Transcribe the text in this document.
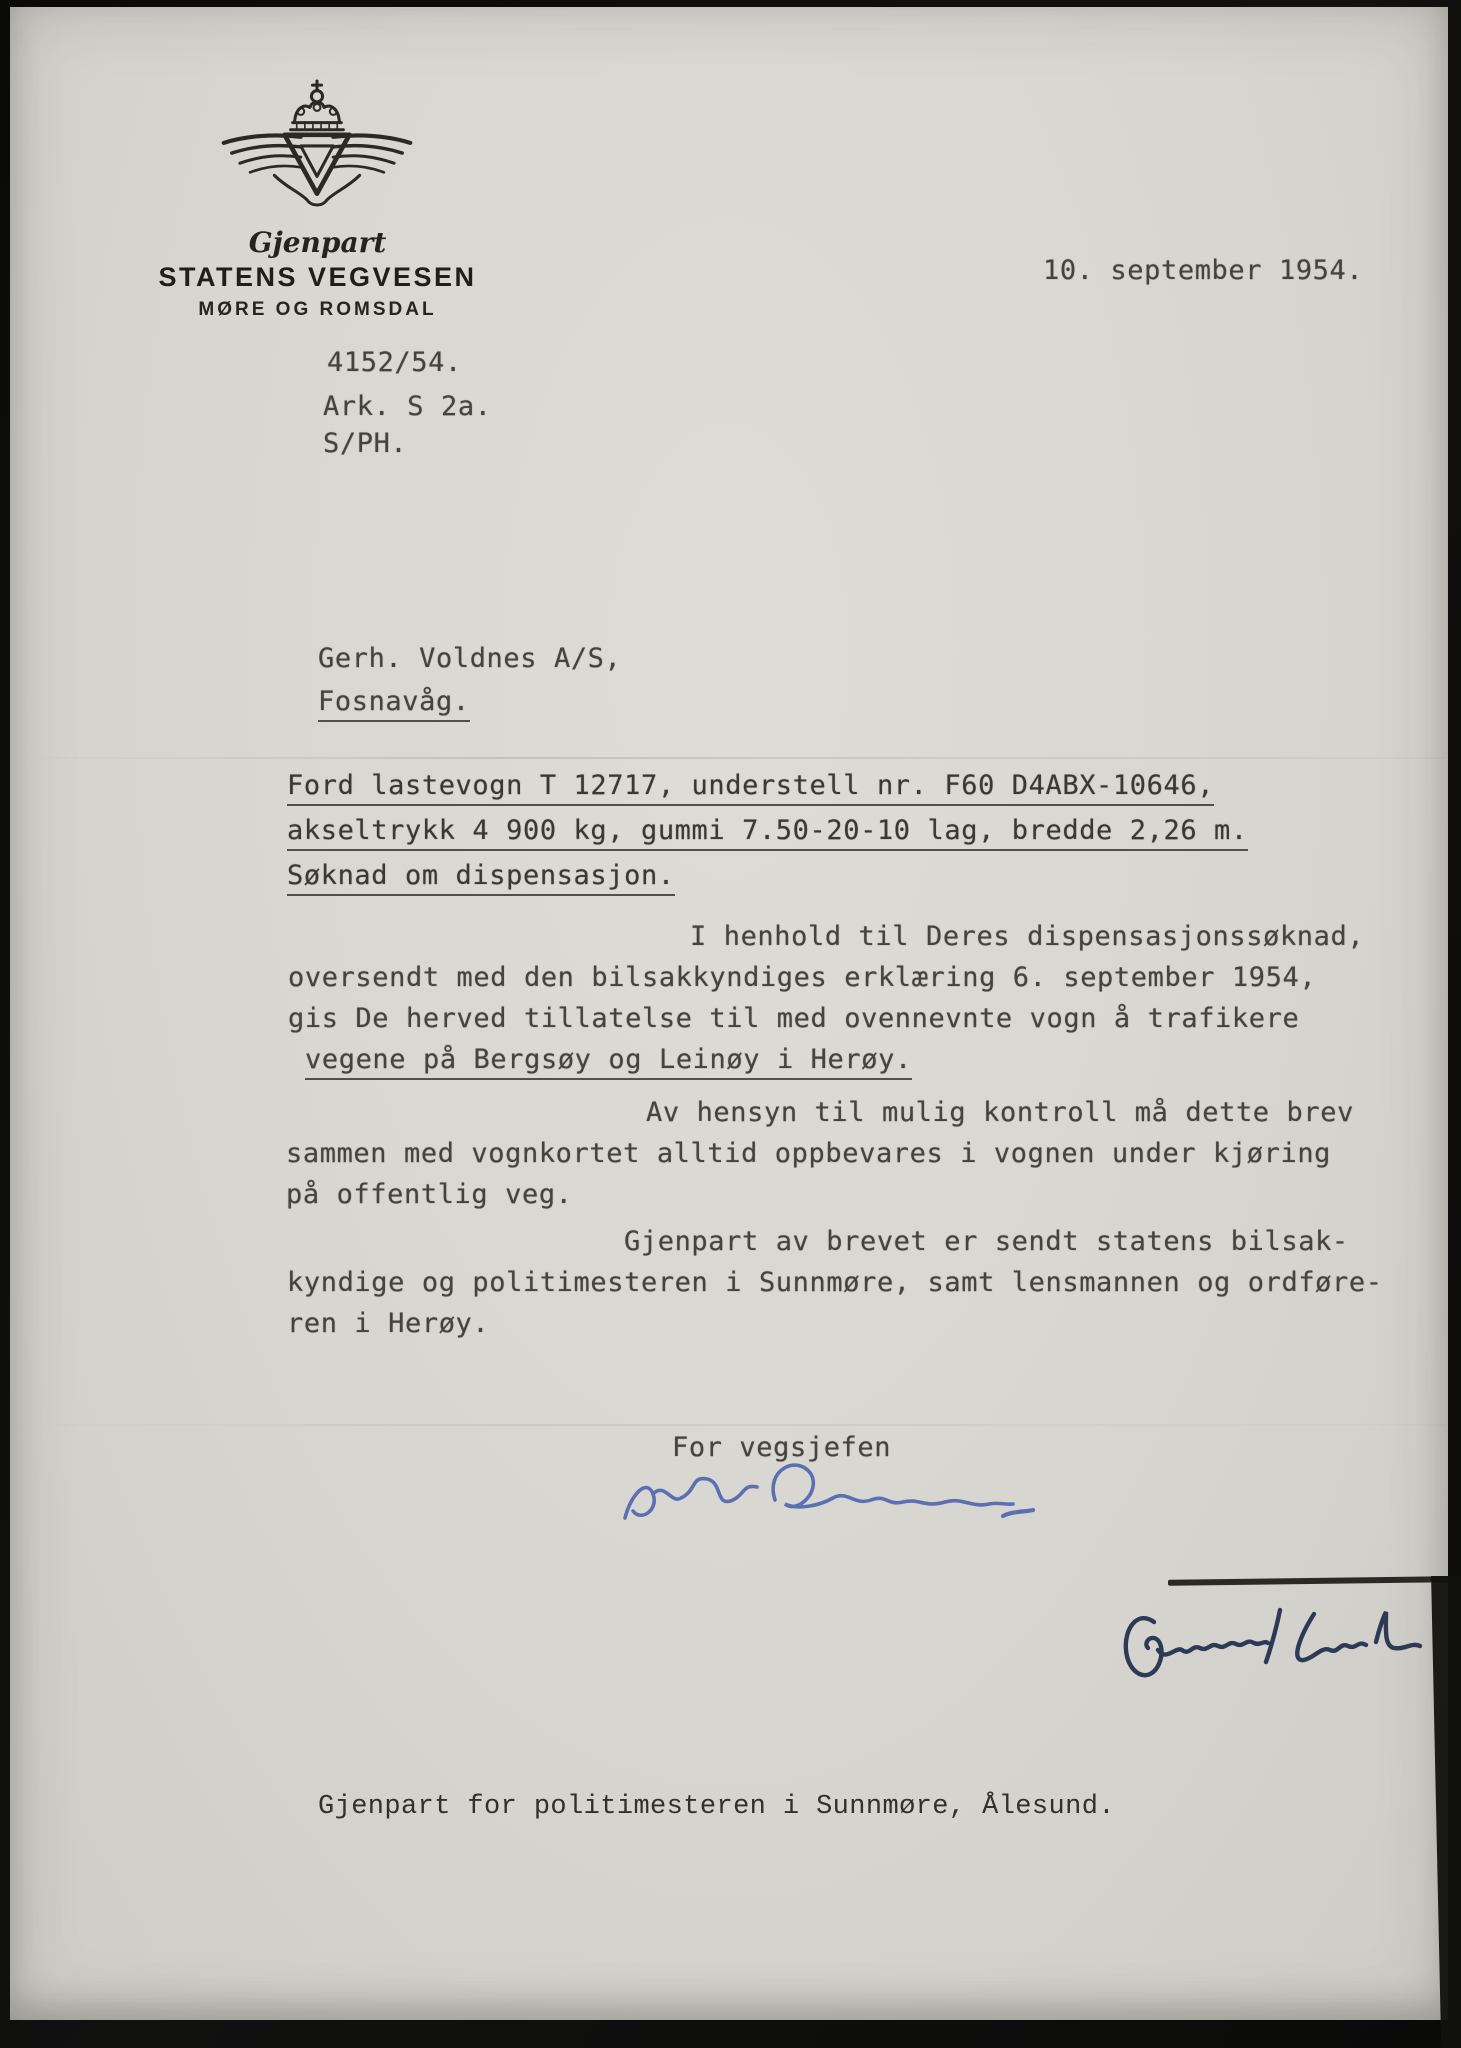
Gjenpart
STATENS VEGVESEN
MØRE OG ROMSDAL
10. september 1954.
4152/54.
Ark. S 2a.
S/PH.
Gerh. Voldnes A/S,
Fosnavåg.
Ford lastevogn T 12717, understell nr. F60 D4ABX-10646,
akseltrykk 4 900 kg, gummi 7.50-20-10 lag, bredde 2,26 m.
Søknad om dispensasjon.
I henhold til Deres dispensasjonssøknad,
oversendt med den bilsakkyndiges erklæring 6. september 1954,
gis De herved tillatelse til med ovennevnte vogn å trafikere
vegene på Bergsøy og Leinøy i Herøy.
Av hensyn til mulig kontroll må dette brev
sammen med vognkortet alltid oppbevares i vognen under kjøring
på offentlig veg.
Gjenpart av brevet er sendt statens bilsak-
kyndige og politimesteren i Sunnmøre, samt lensmannen og ordføre-
ren i Herøy.
For vegsjefen
Gjenpart for politimesteren i Sunnmøre, Ålesund.
